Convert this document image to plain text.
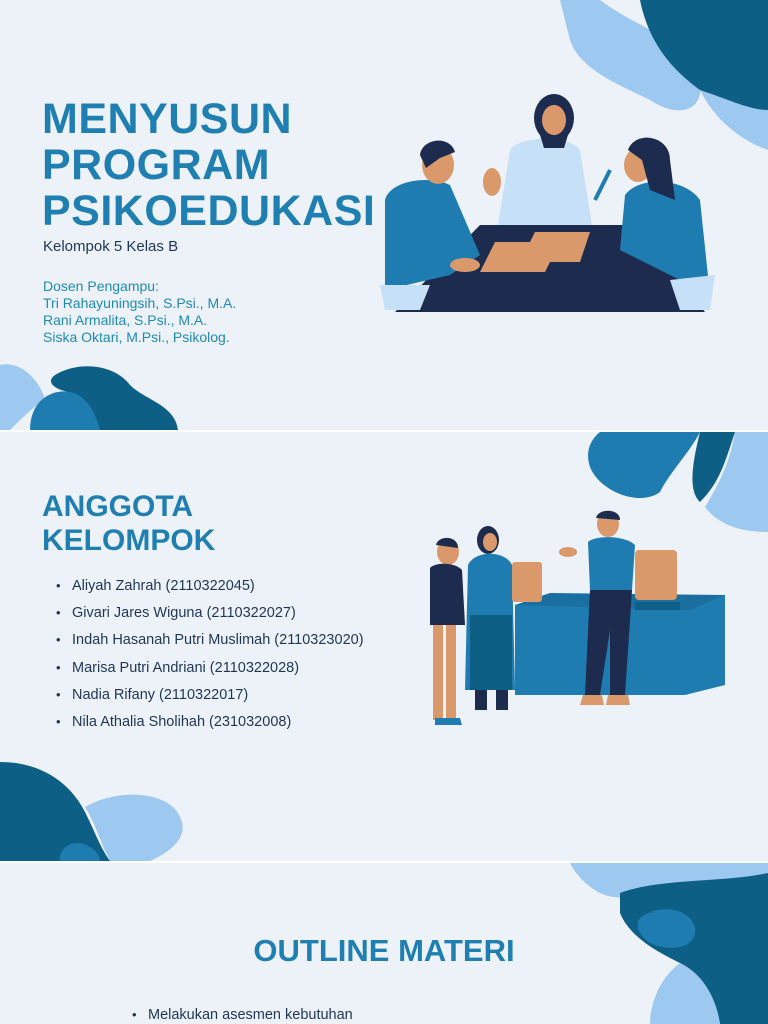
MENYUSUN
PROGRAM
PSIKOEDUKASI
Kelompok 5 Kelas B
Dosen Pengampu:
Tri Rahayuningsih, S.Psi., M.A.
Rani Armalita, S.Psi., M.A.
Siska Oktari, M.Psi., Psikolog.
ANGGOTA
KELOMPOK
• Aliyah Zahrah (2110322045)
• Givari Jares Wiguna (2110322027)
• Indah Hasanah Putri Muslimah (2110323020)
• Marisa Putri Andriani (2110322028)
• Nadia Rifany (2110322017)
• Nila Athalia Sholihah (231032008)
OUTLINE MATERI
• Melakukan asesmen kebutuhan
